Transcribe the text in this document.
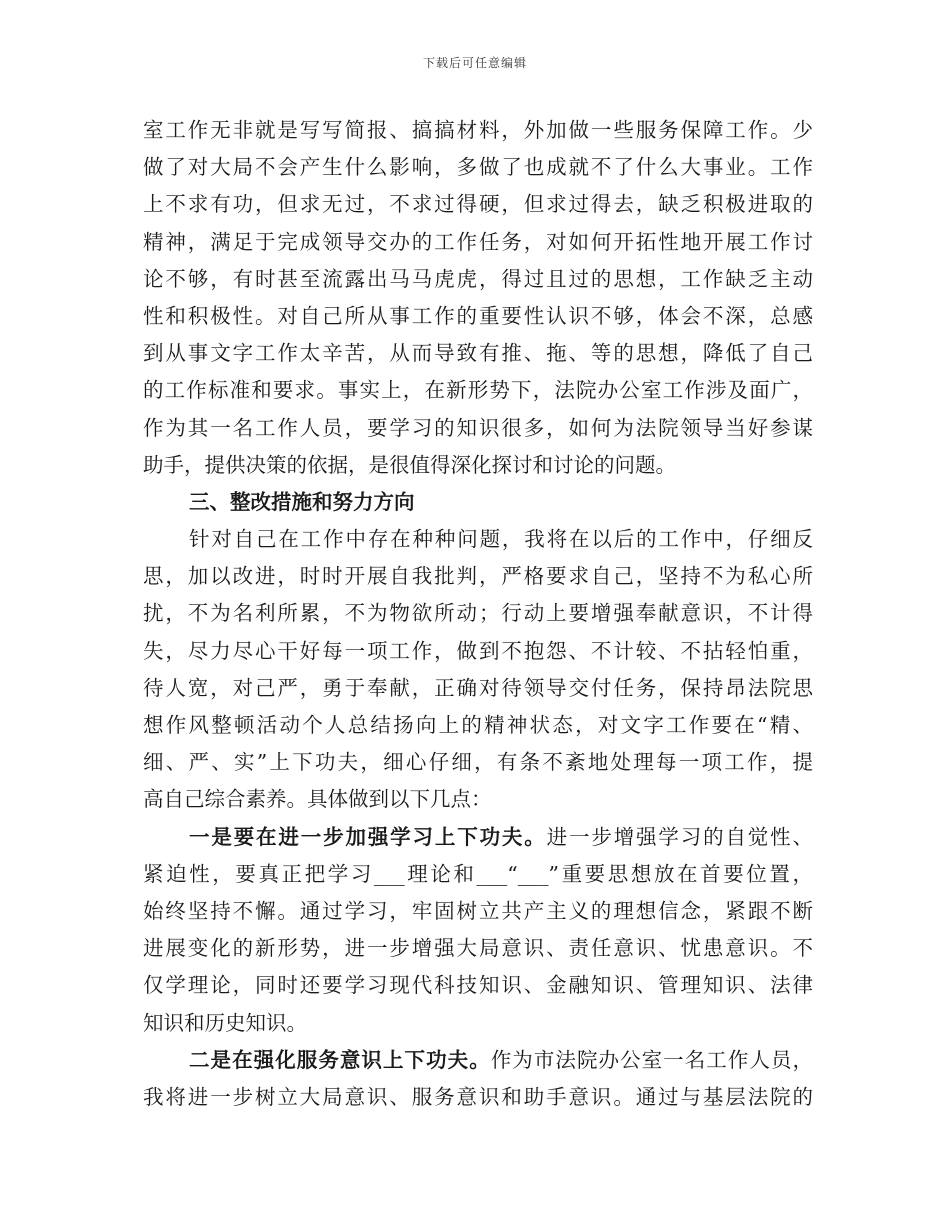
下载后可任意编辑
室工作无非就是写写简报、搞搞材料，外加做一些服务保障工作。少
做了对大局不会产生什么影响，多做了也成就不了什么大事业。工作
上不求有功，但求无过，不求过得硬，但求过得去，缺乏积极进取的
精神，满足于完成领导交办的工作任务，对如何开拓性地开展工作讨
论不够，有时甚至流露出马马虎虎，得过且过的思想，工作缺乏主动
性和积极性。对自己所从事工作的重要性认识不够，体会不深，总感
到从事文字工作太辛苦，从而导致有推、拖、等的思想，降低了自己
的工作标准和要求。事实上，在新形势下，法院办公室工作涉及面广，
作为其一名工作人员，要学习的知识很多，如何为法院领导当好参谋
助手，提供决策的依据，是很值得深化探讨和讨论的问题。
三、整改措施和努力方向
针对自己在工作中存在种种问题，我将在以后的工作中，仔细反
思，加以改进，时时开展自我批判，严格要求自己，坚持不为私心所
扰，不为名利所累，不为物欲所动；行动上要增强奉献意识，不计得
失，尽力尽心干好每一项工作，做到不抱怨、不计较、不拈轻怕重，
待人宽，对己严，勇于奉献，正确对待领导交付任务，保持昂法院思
想作风整顿活动个人总结扬向上的精神状态，对文字工作要在“精、
细、严、实”上下功夫，细心仔细，有条不紊地处理每一项工作，提
高自己综合素养。具体做到以下几点：
一是要在进一步加强学习上下功夫。进一步增强学习的自觉性、
紧迫性，要真正把学习___理论和___“___”重要思想放在首要位置，
始终坚持不懈。通过学习，牢固树立共产主义的理想信念，紧跟不断
进展变化的新形势，进一步增强大局意识、责任意识、忧患意识。不
仅学理论，同时还要学习现代科技知识、金融知识、管理知识、法律
知识和历史知识。
二是在强化服务意识上下功夫。作为市法院办公室一名工作人员，
我将进一步树立大局意识、服务意识和助手意识。通过与基层法院的
